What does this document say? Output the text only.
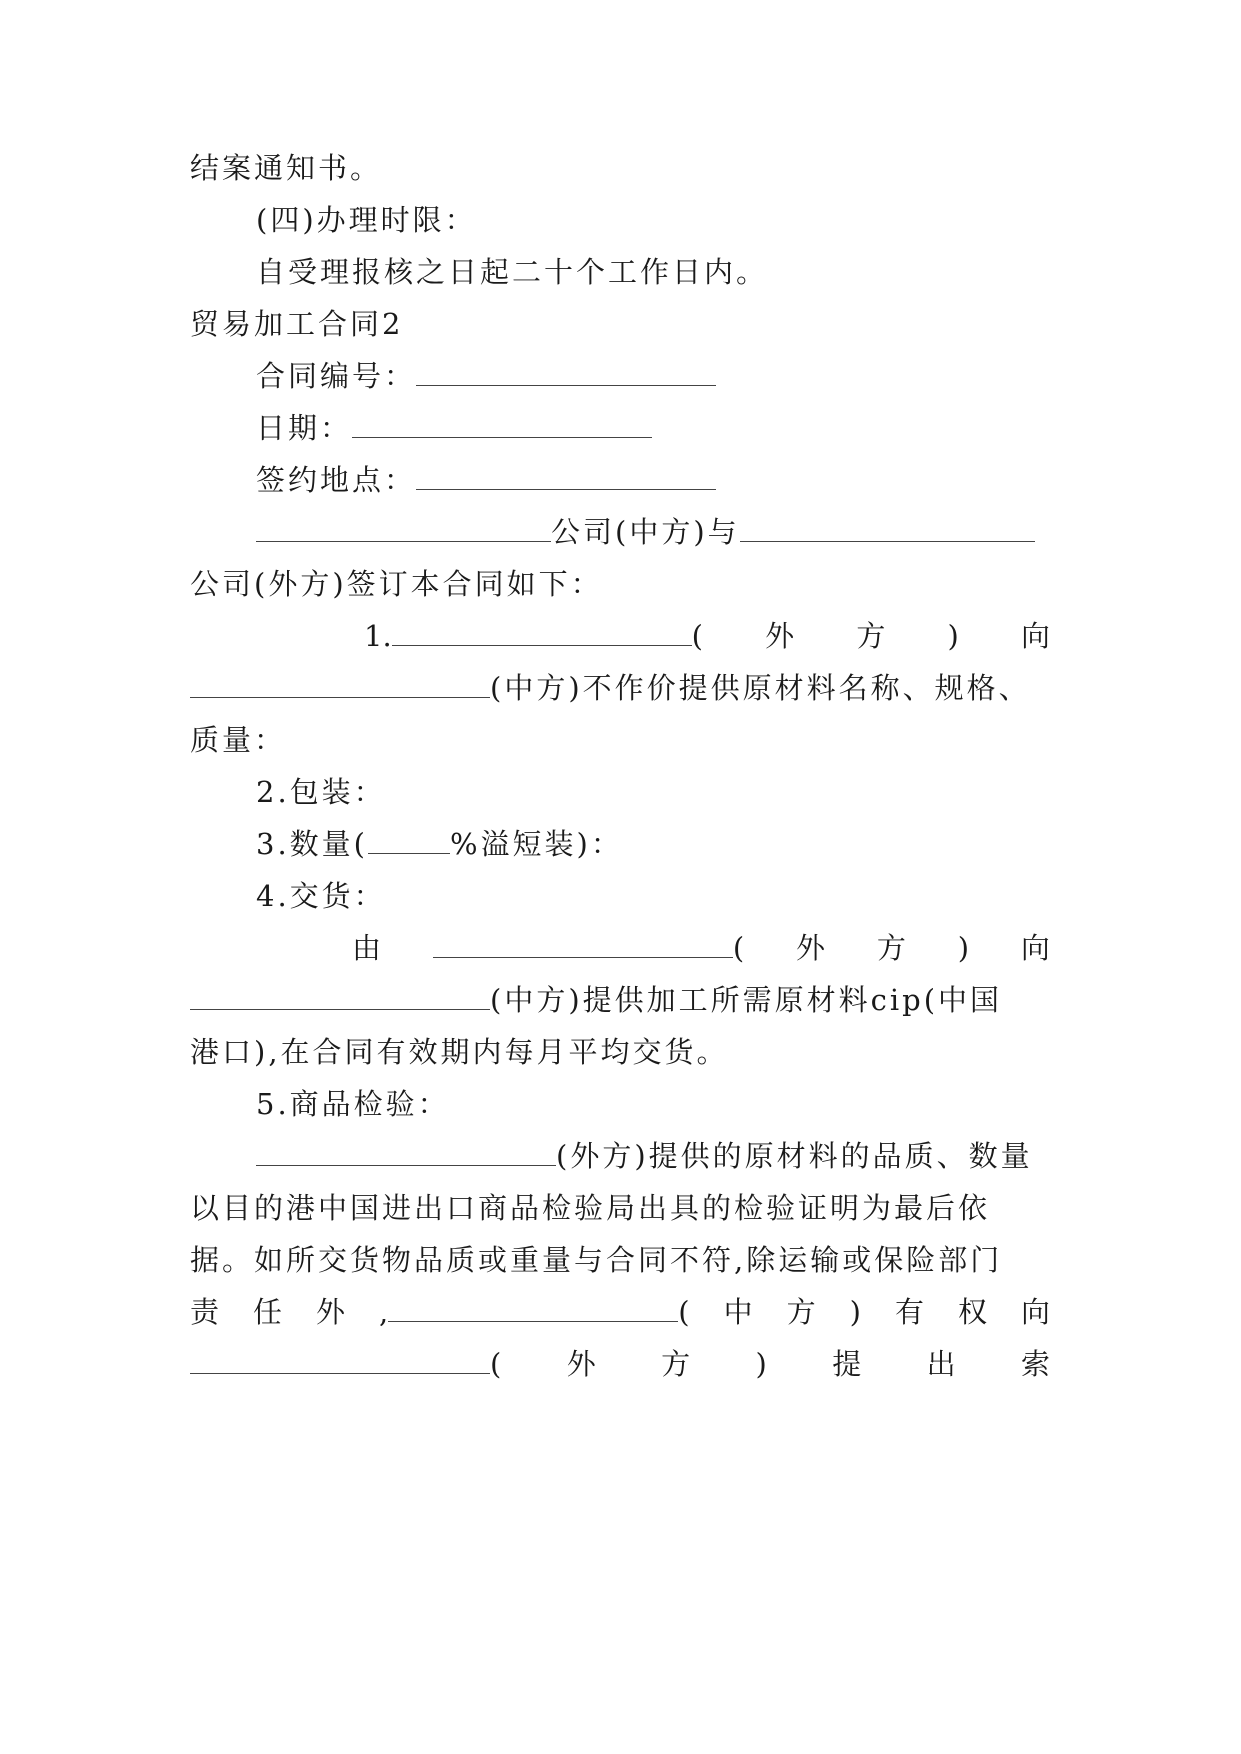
结案通知书。
(四)办理时限：
自受理报核之日起二十个工作日内。
贸易加工合同2
合同编号：
日期：
签约地点：
公司(中方)与
公司(外方)签订本合同如下：
1.	( 外 方 ) 向
(中方)不作价提供原材料名称、规格、
质量：
2.包装：
3.数量(	%溢短装)：
4.交货：
由	( 外 方 ) 向
(中方)提供加工所需原材料cip(中国
港口),在合同有效期内每月平均交货。
5.商品检验：
(外方)提供的原材料的品质、数量
以目的港中国进出口商品检验局出具的检验证明为最后依
据。如所交货物品质或重量与合同不符,除运输或保险部门
责 任 外 ,	( 中 方 ) 有 权 向
( 外 方 ) 提 出 索
